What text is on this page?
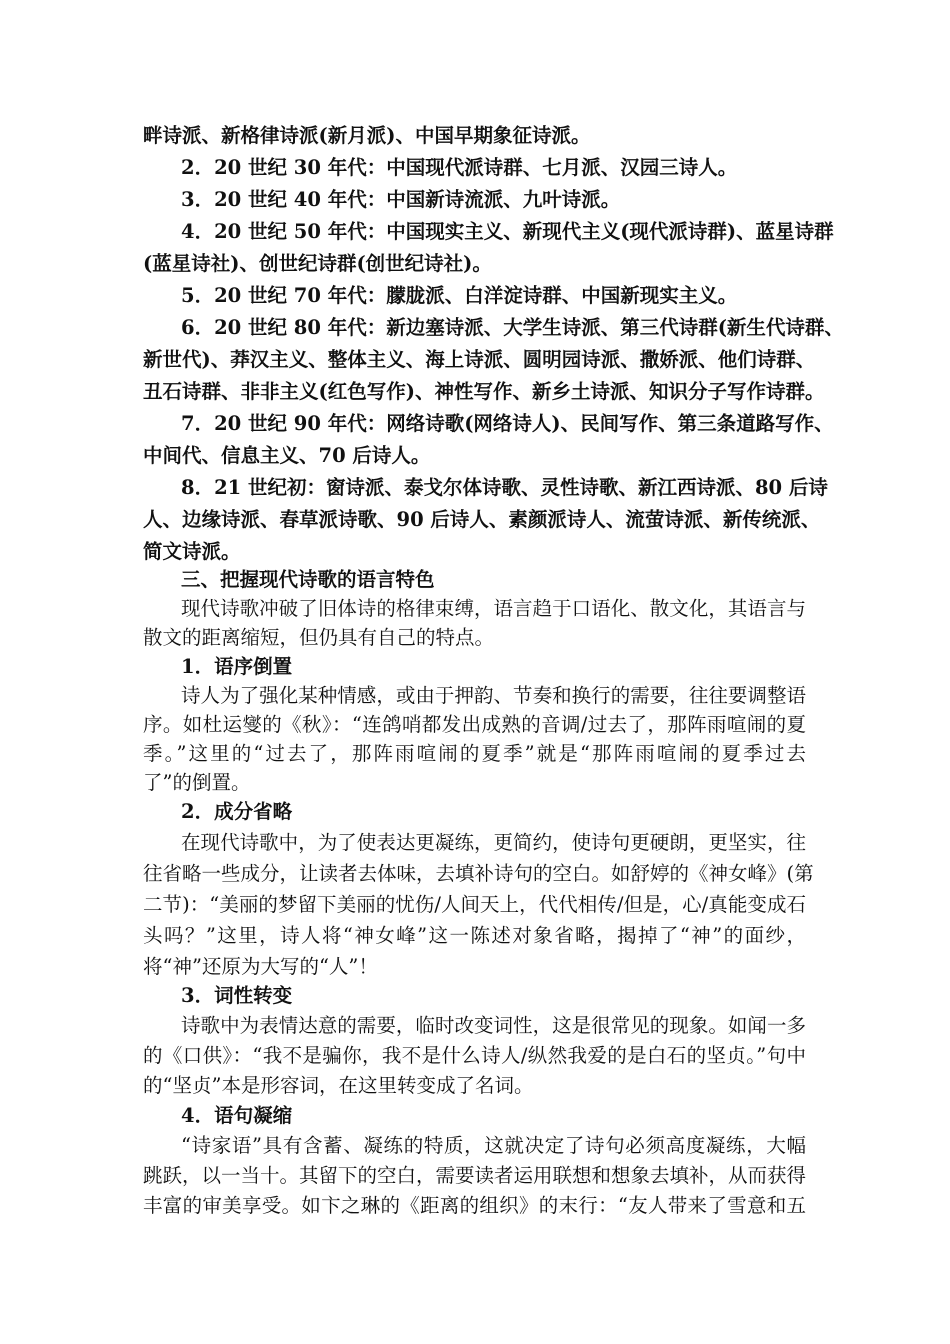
畔诗派、新格律诗派(新月派)、中国早期象征诗派。
2．20 世纪 30 年代：中国现代派诗群、七月派、汉园三诗人。
3．20 世纪 40 年代：中国新诗流派、九叶诗派。
4．20 世纪 50 年代：中国现实主义、新现代主义(现代派诗群)、蓝星诗群
(蓝星诗社)、创世纪诗群(创世纪诗社)。
5．20 世纪 70 年代：朦胧派、白洋淀诗群、中国新现实主义。
6．20 世纪 80 年代：新边塞诗派、大学生诗派、第三代诗群(新生代诗群、
新世代)、莽汉主义、整体主义、海上诗派、圆明园诗派、撒娇派、他们诗群、
丑石诗群、非非主义(红色写作)、神性写作、新乡土诗派、知识分子写作诗群。
7．20 世纪 90 年代：网络诗歌(网络诗人)、民间写作、第三条道路写作、
中间代、信息主义、70 后诗人。
8．21 世纪初：窗诗派、泰戈尔体诗歌、灵性诗歌、新江西诗派、80 后诗
人、边缘诗派、春草派诗歌、90 后诗人、素颜派诗人、流萤诗派、新传统派、
简文诗派。
三、把握现代诗歌的语言特色
现代诗歌冲破了旧体诗的格律束缚，语言趋于口语化、散文化，其语言与
散文的距离缩短，但仍具有自己的特点。
1．语序倒置
诗人为了强化某种情感，或由于押韵、节奏和换行的需要，往往要调整语
序。如杜运燮的《秋》：“连鸽哨都发出成熟的音调/过去了，那阵雨喧闹的夏
季。”这里的“过去了，那阵雨喧闹的夏季”就是“那阵雨喧闹的夏季过去
了”的倒置。
2．成分省略
在现代诗歌中，为了使表达更凝练，更简约，使诗句更硬朗，更坚实，往
往省略一些成分，让读者去体味，去填补诗句的空白。如舒婷的《神女峰》(第
二节)：“美丽的梦留下美丽的忧伤/人间天上，代代相传/但是，心/真能变成石
头吗？”这里，诗人将“神女峰”这一陈述对象省略，揭掉了“神”的面纱，
将“神”还原为大写的“人”！
3．词性转变
诗歌中为表情达意的需要，临时改变词性，这是很常见的现象。如闻一多
的《口供》：“我不是骗你，我不是什么诗人/纵然我爱的是白石的坚贞。”句中
的“坚贞”本是形容词，在这里转变成了名词。
4．语句凝缩
“诗家语”具有含蓄、凝练的特质，这就决定了诗句必须高度凝练，大幅
跳跃，以一当十。其留下的空白，需要读者运用联想和想象去填补，从而获得
丰富的审美享受。如卞之琳的《距离的组织》的末行：“友人带来了雪意和五
